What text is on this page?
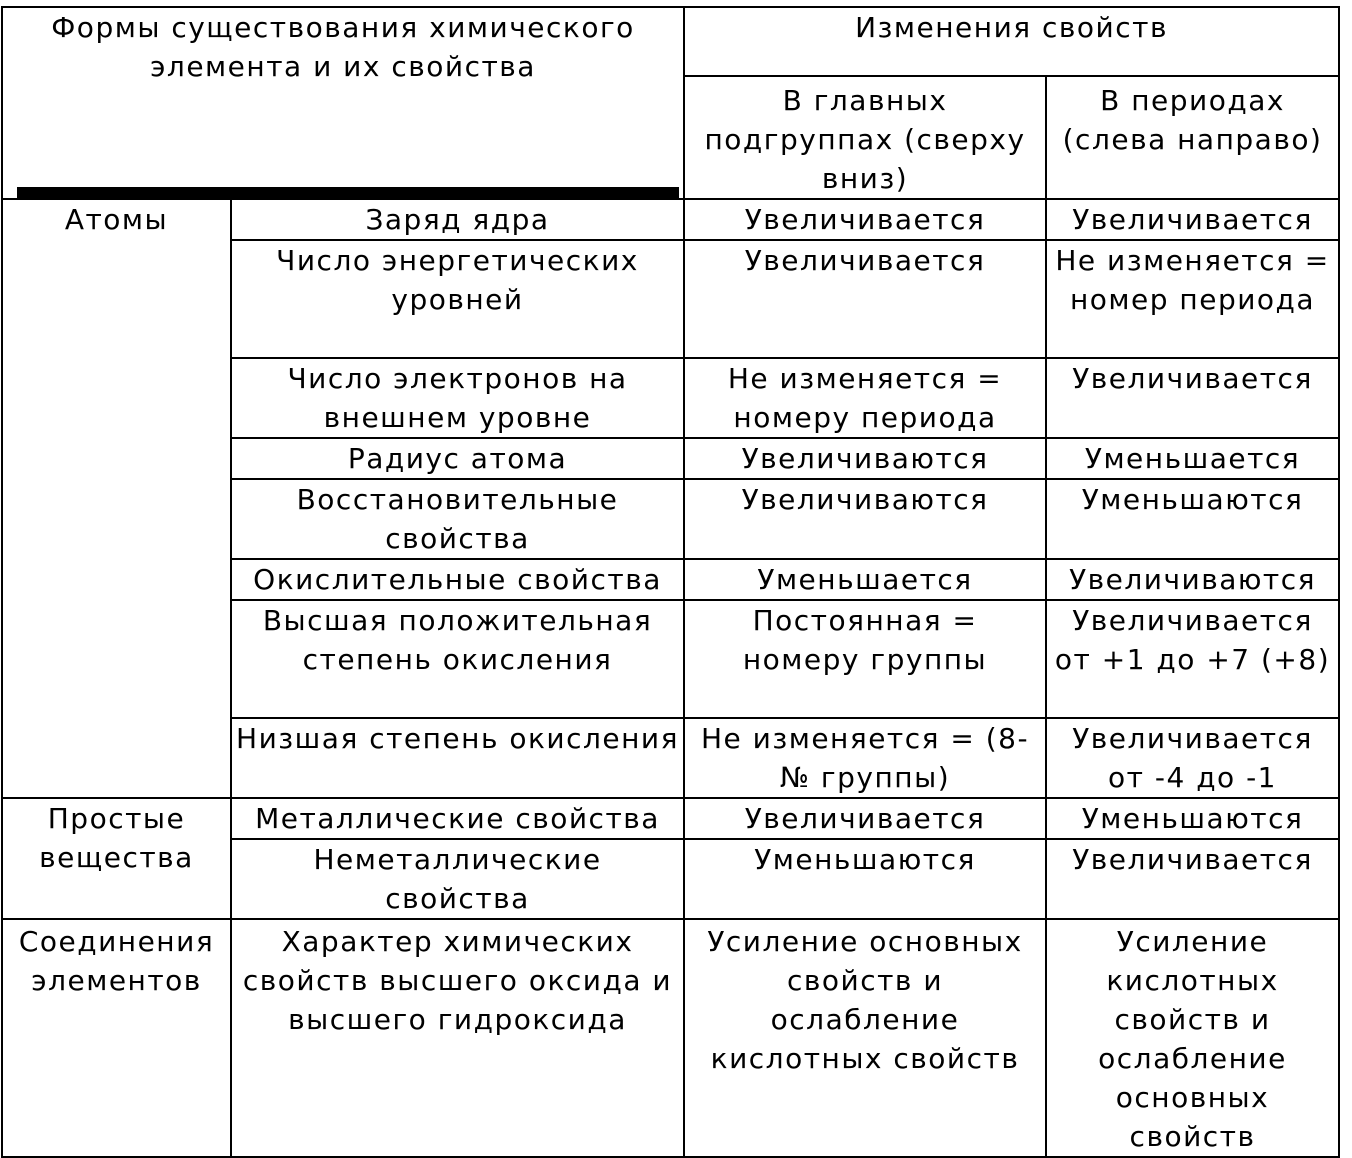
Формы существования химического элемента и их свойства		Изменения свойств	
		В главных подгруппах (сверху вниз)	В периодах (слева направо)
Атомы	Заряд ядра	Увеличивается	Увеличивается
	Число энергетических уровней	Увеличивается	Не изменяется = номер периода
	Число электронов на внешнем уровне	Не изменяется = номеру периода	Увеличивается
	Радиус атома	Увеличиваются	Уменьшается
	Восстановительные свойства	Увеличиваются	Уменьшаются
	Окислительные свойства	Уменьшается	Увеличиваются
	Высшая положительная степень окисления	Постоянная = номеру группы	Увеличивается от +1 до +7 (+8)
	Низшая степень окисления	Не изменяется = (8-№ группы)	Увеличивается от -4 до -1
Простые вещества	Металлические свойства	Увеличивается	Уменьшаются
	Неметаллические свойства	Уменьшаются	Увеличивается
Соединения элементов	Характер химических свойств высшего оксида и высшего гидроксида	Усиление основных свойств и ослабление кислотных свойств	Усиление кислотных свойств и ослабление основных свойств
